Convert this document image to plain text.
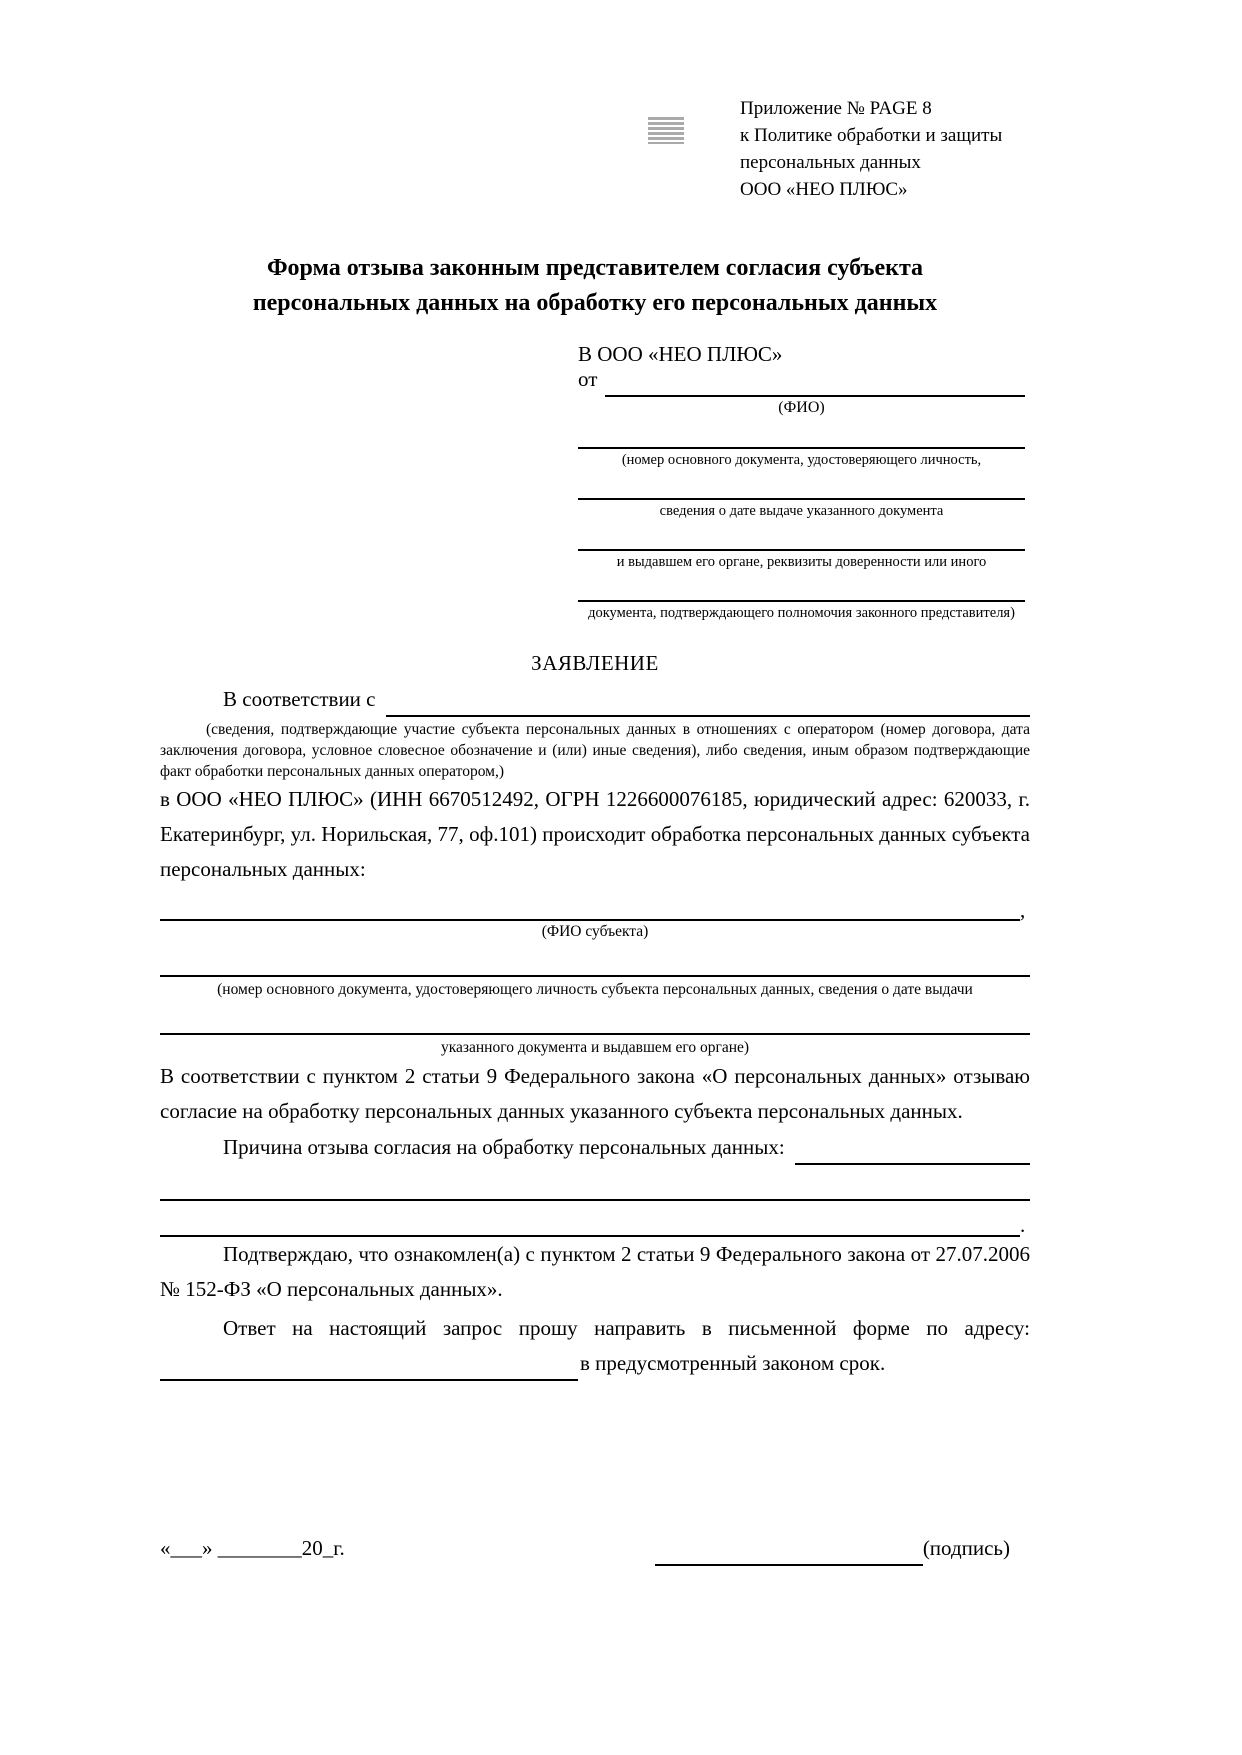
Приложение № PAGE 8
к Политике обработки и защиты
персональных данных
ООО «НЕО ПЛЮС»
Форма отзыва законным представителем согласия субъекта
персональных данных на обработку его персональных данных
В ООО «НЕО ПЛЮС»
от
(ФИО)
(номер основного документа, удостоверяющего личность,
сведения о дате выдаче указанного документа
и выдавшем его органе, реквизиты доверенности или иного
документа, подтверждающего полномочия законного представителя)
ЗАЯВЛЕНИЕ
В соответствии с

(сведения, подтверждающие участие субъекта персональных данных в отношениях с оператором (номер договора, дата заключения договора, условное словесное обозначение и (или) иные сведения), либо сведения, иным образом подтверждающие факт обработки персональных данных оператором,)

в ООО «НЕО ПЛЮС» (ИНН 6670512492, ОГРН 1226600076185, юридический адрес: 620033, г. Екатеринбург, ул. Норильская, 77, оф.101) происходит обработка персональных данных субъекта персональных данных:

,
(ФИО субъекта)
(номер основного документа, удостоверяющего личность субъекта персональных данных, сведения о дате выдачи
указанного документа и выдавшем его органе)

В соответствии с пунктом 2 статьи 9 Федерального закона «О персональных данных» отзываю согласие на обработку персональных данных указанного субъекта персональных данных.

Причина отзыва согласия на обработку персональных данных:
.

Подтверждаю, что ознакомлен(а) с пунктом 2 статьи 9 Федерального закона от 27.07.2006 № 152-ФЗ «О персональных данных».

Ответ на настоящий запрос прошу направить в письменной форме по адресу:

в предусмотренный законом срок.
«___» ________20_г.	(подпись)
